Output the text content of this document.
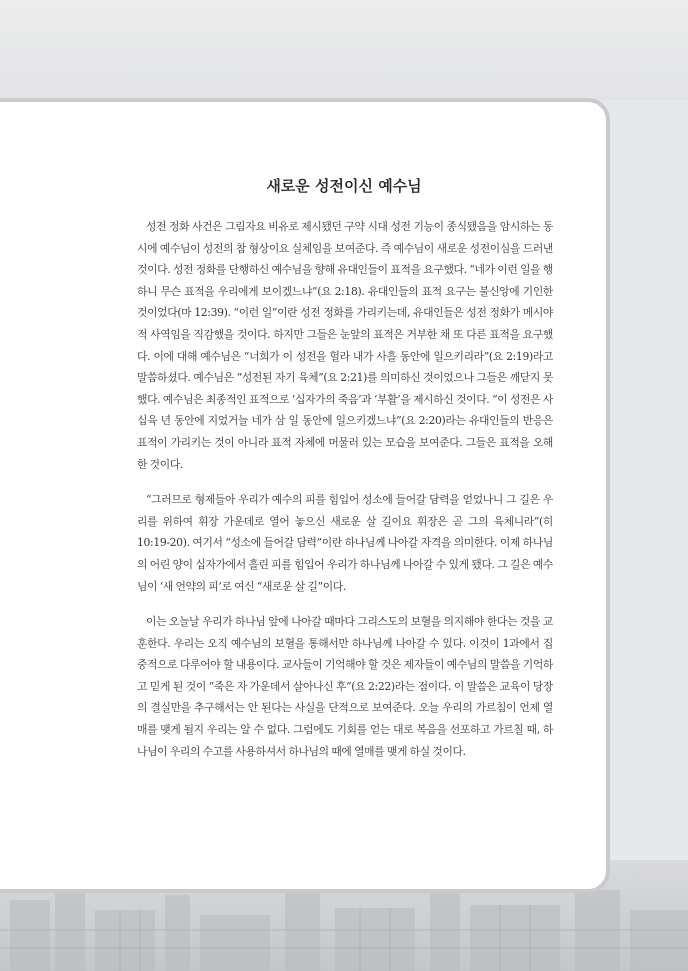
새로운 성전이신 예수님

성전 정화 사건은 그림자요 비유로 제시됐던 구약 시대 성전 기능이 종식됐음을 암시하는 동시에 예수님이 성전의 참 형상이요 실체임을 보여준다. 즉 예수님이 새로운 성전이심을 드러낸 것이다. 성전 정화를 단행하신 예수님을 향해 유대인들이 표적을 요구했다. “네가 이런 일을 행하니 무슨 표적을 우리에게 보이겠느냐”(요 2:18). 유대인들의 표적 요구는 불신앙에 기인한 것이었다(마 12:39). “이런 일”이란 성전 정화를 가리키는데, 유대인들은 성전 정화가 메시야적 사역임을 직감했을 것이다. 하지만 그들은 눈앞의 표적은 거부한 채 또 다른 표적을 요구했다. 이에 대해 예수님은 “너희가 이 성전을 헐라 내가 사흘 동안에 일으키리라”(요 2:19)라고 말씀하셨다. 예수님은 “성전된 자기 육체”(요 2:21)를 의미하신 것이었으나 그들은 깨닫지 못했다. 예수님은 최종적인 표적으로 ‘십자가의 죽음’과 ‘부활’을 제시하신 것이다. “이 성전은 사십육 년 동안에 지었거늘 네가 삼 일 동안에 일으키겠느냐”(요 2:20)라는 유대인들의 반응은 표적이 가리키는 것이 아니라 표적 자체에 머물러 있는 모습을 보여준다. 그들은 표적을 오해한 것이다.

“그러므로 형제들아 우리가 예수의 피를 힘입어 성소에 들어갈 담력을 얻었나니 그 길은 우리를 위하여 휘장 가운데로 열어 놓으신 새로운 살 길이요 휘장은 곧 그의 육체니라”(히 10:19-20). 여기서 “성소에 들어갈 담력”이란 하나님께 나아갈 자격을 의미한다. 이제 하나님의 어린 양이 십자가에서 흘린 피를 힘입어 우리가 하나님께 나아갈 수 있게 됐다. 그 길은 예수님이 ‘새 언약의 피’로 여신 “새로운 살 길”이다.

이는 오늘날 우리가 하나님 앞에 나아갈 때마다 그리스도의 보혈을 의지해야 한다는 것을 교훈한다. 우리는 오직 예수님의 보혈을 통해서만 하나님께 나아갈 수 있다. 이것이 1과에서 집중적으로 다루어야 할 내용이다. 교사들이 기억해야 할 것은 제자들이 예수님의 말씀을 기억하고 믿게 된 것이 “죽은 자 가운데서 살아나신 후”(요 2:22)라는 점이다. 이 말씀은 교육이 당장의 결실만을 추구해서는 안 된다는 사실을 단적으로 보여준다. 오늘 우리의 가르침이 언제 열매를 맺게 될지 우리는 알 수 없다. 그럼에도 기회를 얻는 대로 복음을 선포하고 가르칠 때, 하나님이 우리의 수고를 사용하셔서 하나님의 때에 열매를 맺게 하실 것이다.
